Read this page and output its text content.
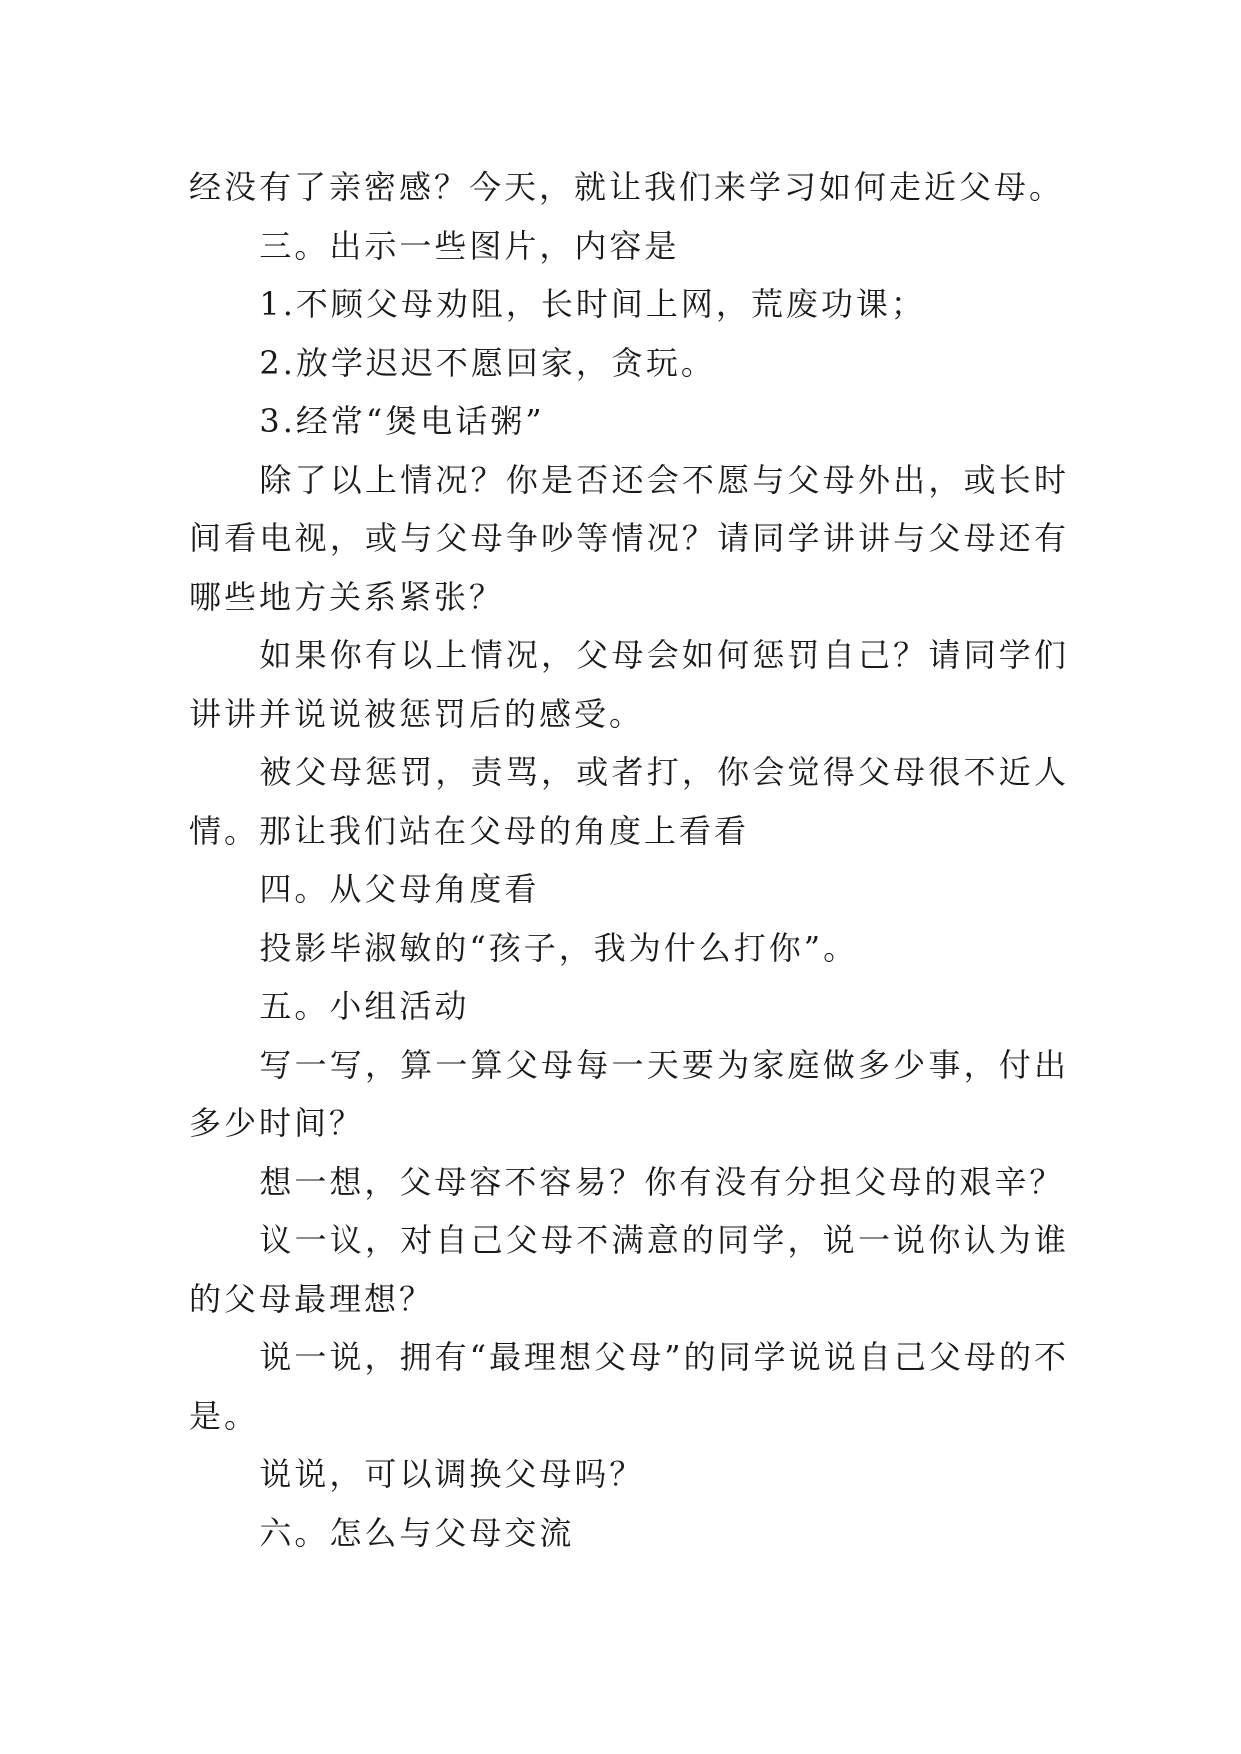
经没有了亲密感？今天，就让我们来学习如何走近父母。

三。出示一些图片，内容是

1.不顾父母劝阻，长时间上网，荒废功课；

2.放学迟迟不愿回家，贪玩。

3.经常“煲电话粥”

除了以上情况？你是否还会不愿与父母外出，或长时间看电视，或与父母争吵等情况？请同学讲讲与父母还有哪些地方关系紧张？

如果你有以上情况，父母会如何惩罚自己？请同学们讲讲并说说被惩罚后的感受。

被父母惩罚，责骂，或者打，你会觉得父母很不近人情。那让我们站在父母的角度上看看

四。从父母角度看

投影毕淑敏的“孩子，我为什么打你”。

五。小组活动

写一写，算一算父母每一天要为家庭做多少事，付出多少时间？

想一想，父母容不容易？你有没有分担父母的艰辛？

议一议，对自己父母不满意的同学，说一说你认为谁的父母最理想？

说一说，拥有“最理想父母”的同学说说自己父母的不是。

说说，可以调换父母吗？

六。怎么与父母交流
